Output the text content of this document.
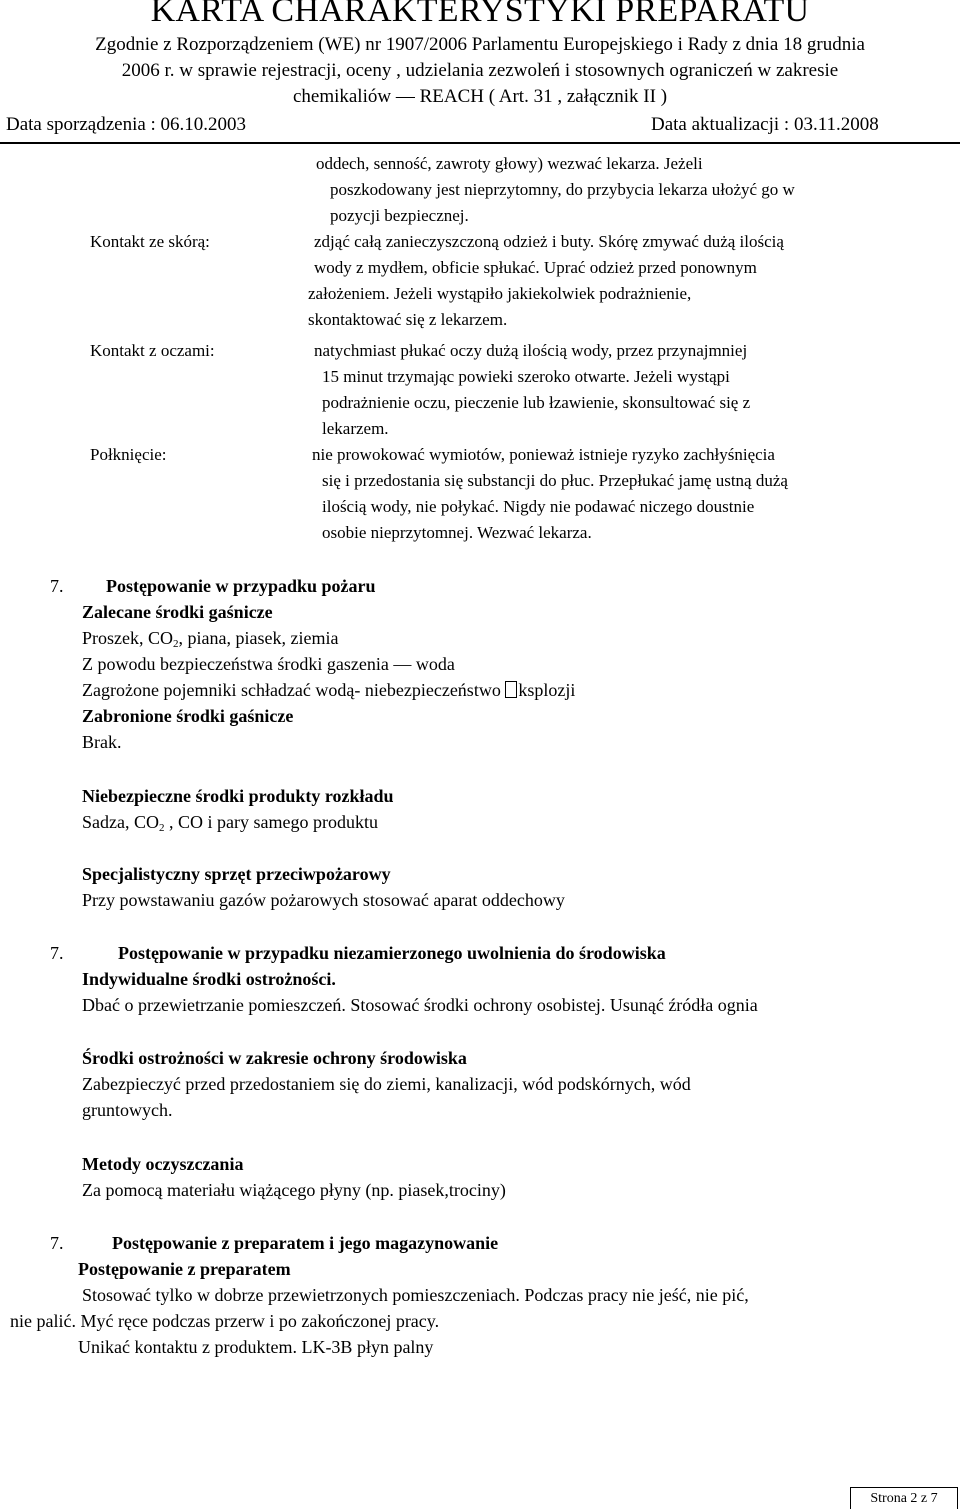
KARTA CHARAKTERYSTYKI PREPARATU
Zgodnie z Rozporządzeniem (WE) nr 1907/2006 Parlamentu Europejskiego i Rady z dnia 18 grudnia
2006 r. w sprawie rejestracji, oceny , udzielania zezwoleń i stosownych ograniczeń w zakresie
chemikaliów ― REACH ( Art. 31 , załącznik II )
Data sporządzenia : 06.10.2003	Data aktualizacji : 03.11.2008
oddech, senność, zawroty głowy) wezwać lekarza. Jeżeli
poszkodowany jest nieprzytomny, do przybycia lekarza ułożyć go w
pozycji bezpiecznej.
Kontakt ze skórą:	zdjąć całą zanieczyszczoną odzież i buty. Skórę zmywać dużą ilością
wody z mydłem, obficie spłukać. Uprać odzież przed ponownym
założeniem. Jeżeli wystąpiło jakiekolwiek podrażnienie,
skontaktować się z lekarzem.
Kontakt z oczami:	natychmiast płukać oczy dużą ilością wody, przez przynajmniej
15 minut trzymając powieki szeroko otwarte. Jeżeli wystąpi
podrażnienie oczu, pieczenie lub łzawienie, skonsultować się z
lekarzem.
Połknięcie:	nie prowokować wymiotów, ponieważ istnieje ryzyko zachłyśnięcia
się i przedostania się substancji do płuc. Przepłukać jamę ustną dużą
ilością wody, nie połykać. Nigdy nie podawać niczego doustnie
osobie nieprzytomnej. Wezwać lekarza.
7. Postępowanie w przypadku pożaru
Zalecane środki gaśnicze
Proszek, $CO_2$, piana, piasek, ziemia
Z powodu bezpieczeństwa środki gaszenia ― woda
Zagrożone pojemniki schładzać wodą- niebezpieczeństwo ksplozji
Zabronione środki gaśnicze
Brak.
Niebezpieczne środki produkty rozkładu
Sadza, $CO_2$ , CO i pary samego produktu
Specjalistyczny sprzęt przeciwpożarowy
Przy powstawaniu gazów pożarowych stosować aparat oddechowy
7.	Postępowanie w przypadku niezamierzonego uwolnienia do środowiska
Indywidualne środki ostrożności.
Dbać o przewietrzanie pomieszczeń. Stosować środki ochrony osobistej. Usunąć źródła ognia
Środki ostrożności w zakresie ochrony środowiska
Zabezpieczyć przed przedostaniem się do ziemi, kanalizacji, wód podskórnych, wód
gruntowych.
Metody oczyszczania
Za pomocą materiału wiążącego płyny (np. piasek,trociny)
7.	Postępowanie z preparatem i jego magazynowanie
Postępowanie z preparatem
Stosować tylko w dobrze przewietrzonych pomieszczeniach. Podczas pracy nie jeść, nie pić,
nie palić. Myć ręce podczas przerw i po zakończonej pracy.
Unikać kontaktu z produktem. LK-3B płyn palny
Strona 2 z 7
